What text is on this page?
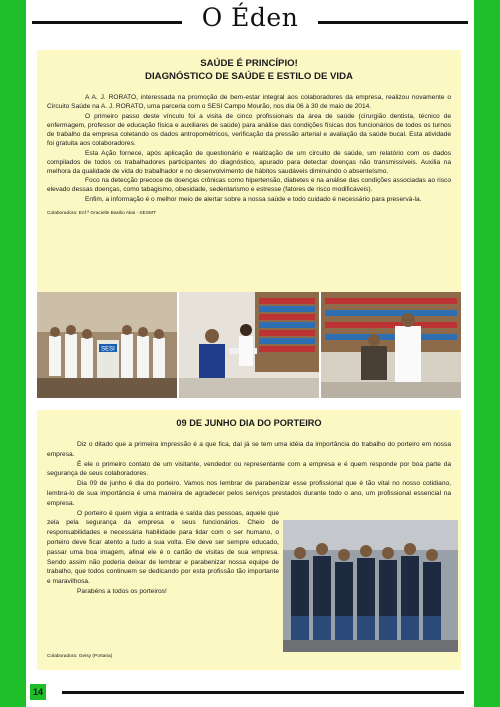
O Éden
SAÚDE É PRINCÍPIO!
DIAGNÓSTICO DE SAÚDE E ESTILO DE VIDA

A A. J. RORATO, interessada na promoção de bem-estar integral aos colaboradores da empresa, realizou novamente o Circuito Saúde na A. J. RORATO, uma parceria com o SESI Campo Mourão, nos dia 06 à 30 de maio de 2014.

O primeiro passo deste vínculo foi a visita de cinco profissionais da área de saúde (cirurgião dentista, técnico de enfermagem, professor de educação física e auxiliares de saúde) para análise das condições físicas dos funcionários de todos os turnos de trabalho da empresa coletando os dados antropométricos, verificação da pressão arterial e avaliação da saúde bucal. Esta atividade foi gratuita aos colaboradores.

Esta Ação fornece, após aplicação de questionário e realização de um circuito de saúde, um relatório com os dados compilados de todos os trabalhadores participantes do diagnóstico, apurado para detectar doenças não transmissíveis. Auxilia na melhora da qualidade de vida do trabalhador e no desenvolvimento de hábitos saudáveis diminuindo o absenteísmo.

Foco na detecção precoce de doenças crônicas como hipertensão, diabetes e na análise das condições associadas ao risco elevado dessas doenças, como tabagismo, obesidade, sedentarismo e estresse (fatores de risco modificáveis).

Enfim, a informação é o melhor meio de alertar sobre a nossa saúde e todo cuidado é necessário para preservá-la.

Colaboradora: Enf.ª Gracielle Basilio Akai - SESMT
SESI
09 DE JUNHO DIA DO PORTEIRO

Diz o ditado que a primeira impressão é a que fica, daí já se tem uma idéia da importância do trabalho do porteiro em nossa empresa.

É ele o primeiro contato de um visitante, vendedor ou representante com a empresa e é quem responde por boa parte da segurança de seus colaboradores.

Dia 09 de junho é dia do porteiro. Vamos nos lembrar de parabenizar esse profissional que é tão vital no nosso cotidiano, lembra-lo de sua importância é uma maneira de agradecer pelos serviços prestados durante todo o ano, um profissional essencial na empresa.

O porteiro é quem vigia a entrada e saída das pessoas, aquele que zela pela segurança da empresa e seus funcionários. Cheio de responsabilidades e necessária habilidade para lidar com o ser humano, o porteiro deve ficar atento a tudo a sua volta. Ele deve ser sempre educado, passar uma boa imagem, afinal ele é o cartão de visitas de sua empresa. Sendo assim não poderia deixar de lembrar e parabenizar nossa equipe de trabalho, que todos continuem se dedicando por esta profissão tão importante e maravilhosa.

Parabéns a todos os porteiros!

Colaboradora: Geisy (Portaria)
14
